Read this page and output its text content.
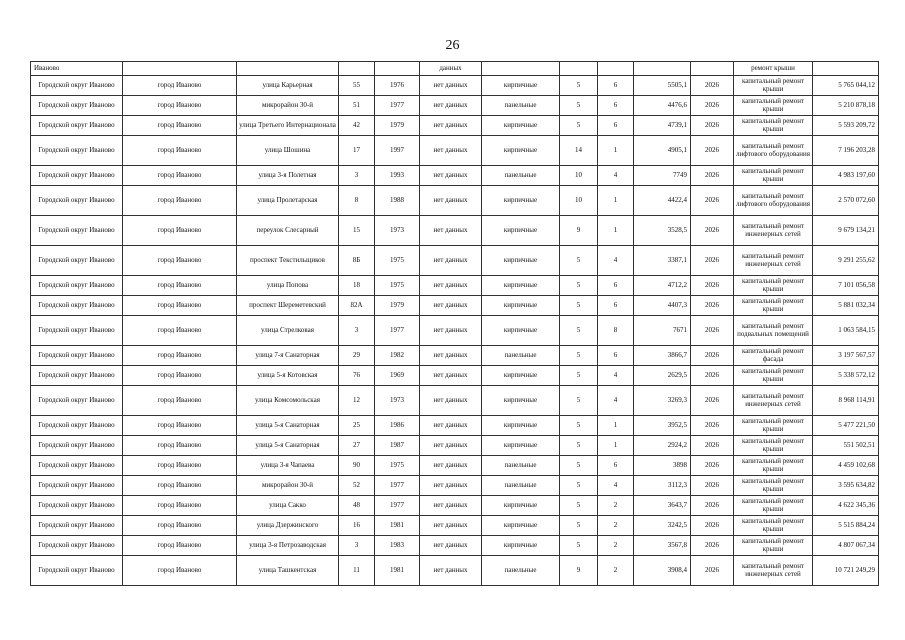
26
Иваново					данных						ремонт крыши	
Городской округ Иваново	город Иваново	улица Карьерная	55	1976	нет данных	кирпичные	5	6	5505,1	2026	капитальный ремонт крыши	5 765 044,12
Городской округ Иваново	город Иваново	микрорайон 30-й	51	1977	нет данных	панельные	5	6	4476,6	2026	капитальный ремонт крыши	5 210 878,18
Городской округ Иваново	город Иваново	улица Третьего Интернационала	42	1979	нет данных	кирпичные	5	6	4739,1	2026	капитальный ремонт крыши	5 593 209,72
Городской округ Иваново	город Иваново	улица Шошина	17	1997	нет данных	кирпичные	14	1	4905,1	2026	капитальный ремонт лифтового оборудования	7 196 203,28
Городской округ Иваново	город Иваново	улица 3-я Полетная	3	1993	нет данных	панельные	10	4	7749	2026	капитальный ремонт крыши	4 983 197,60
Городской округ Иваново	город Иваново	улица Пролетарская	8	1988	нет данных	кирпичные	10	1	4422,4	2026	капитальный ремонт лифтового оборудования	2 570 072,60
Городской округ Иваново	город Иваново	переулок Слесарный	15	1973	нет данных	кирпичные	9	1	3528,5	2026	капитальный ремонт инженерных сетей	9 679 134,21
Городской округ Иваново	город Иваново	проспект Текстильщиков	8Б	1975	нет данных	кирпичные	5	4	3387,1	2026	капитальный ремонт инженерных сетей	9 291 255,62
Городской округ Иваново	город Иваново	улица Попова	18	1975	нет данных	кирпичные	5	6	4712,2	2026	капитальный ремонт крыши	7 101 056,58
Городской округ Иваново	город Иваново	проспект Шереметевский	82А	1979	нет данных	кирпичные	5	6	4407,3	2026	капитальный ремонт крыши	5 881 032,34
Городской округ Иваново	город Иваново	улица Стрелковая	3	1977	нет данных	кирпичные	5	8	7671	2026	капитальный ремонт подвальных помещений	1 063 584,15
Городской округ Иваново	город Иваново	улица 7-я Санаторная	29	1982	нет данных	панельные	5	6	3866,7	2026	капитальный ремонт фасада	3 197 567,57
Городской округ Иваново	город Иваново	улица 5-я Котовская	76	1969	нет данных	кирпичные	5	4	2629,5	2026	капитальный ремонт крыши	5 338 572,12
Городской округ Иваново	город Иваново	улица Комсомольская	12	1973	нет данных	кирпичные	5	4	3269,3	2026	капитальный ремонт инженерных сетей	8 968 114,91
Городской округ Иваново	город Иваново	улица 5-я Санаторная	25	1986	нет данных	кирпичные	5	1	3952,5	2026	капитальный ремонт крыши	5 477 221,50
Городской округ Иваново	город Иваново	улица 5-я Санаторная	27	1987	нет данных	кирпичные	5	1	2924,2	2026	капитальный ремонт крыши	551 502,51
Городской округ Иваново	город Иваново	улица 3-я Чапаева	90	1975	нет данных	панельные	5	6	3898	2026	капитальный ремонт крыши	4 459 102,68
Городской округ Иваново	город Иваново	микрорайон 30-й	52	1977	нет данных	панельные	5	4	3112,3	2026	капитальный ремонт крыши	3 595 634,82
Городской округ Иваново	город Иваново	улица Сакко	48	1977	нет данных	кирпичные	5	2	3643,7	2026	капитальный ремонт крыши	4 622 345,36
Городской округ Иваново	город Иваново	улица Дзержинского	16	1981	нет данных	кирпичные	5	2	3242,5	2026	капитальный ремонт крыши	5 515 884,24
Городской округ Иваново	город Иваново	улица 3-я Петрозаводская	3	1983	нет данных	кирпичные	5	2	3567,8	2026	капитальный ремонт крыши	4 807 067,34
Городской округ Иваново	город Иваново	улица Ташкентская	11	1981	нет данных	панельные	9	2	3908,4	2026	капитальный ремонт инженерных сетей	10 721 249,29
